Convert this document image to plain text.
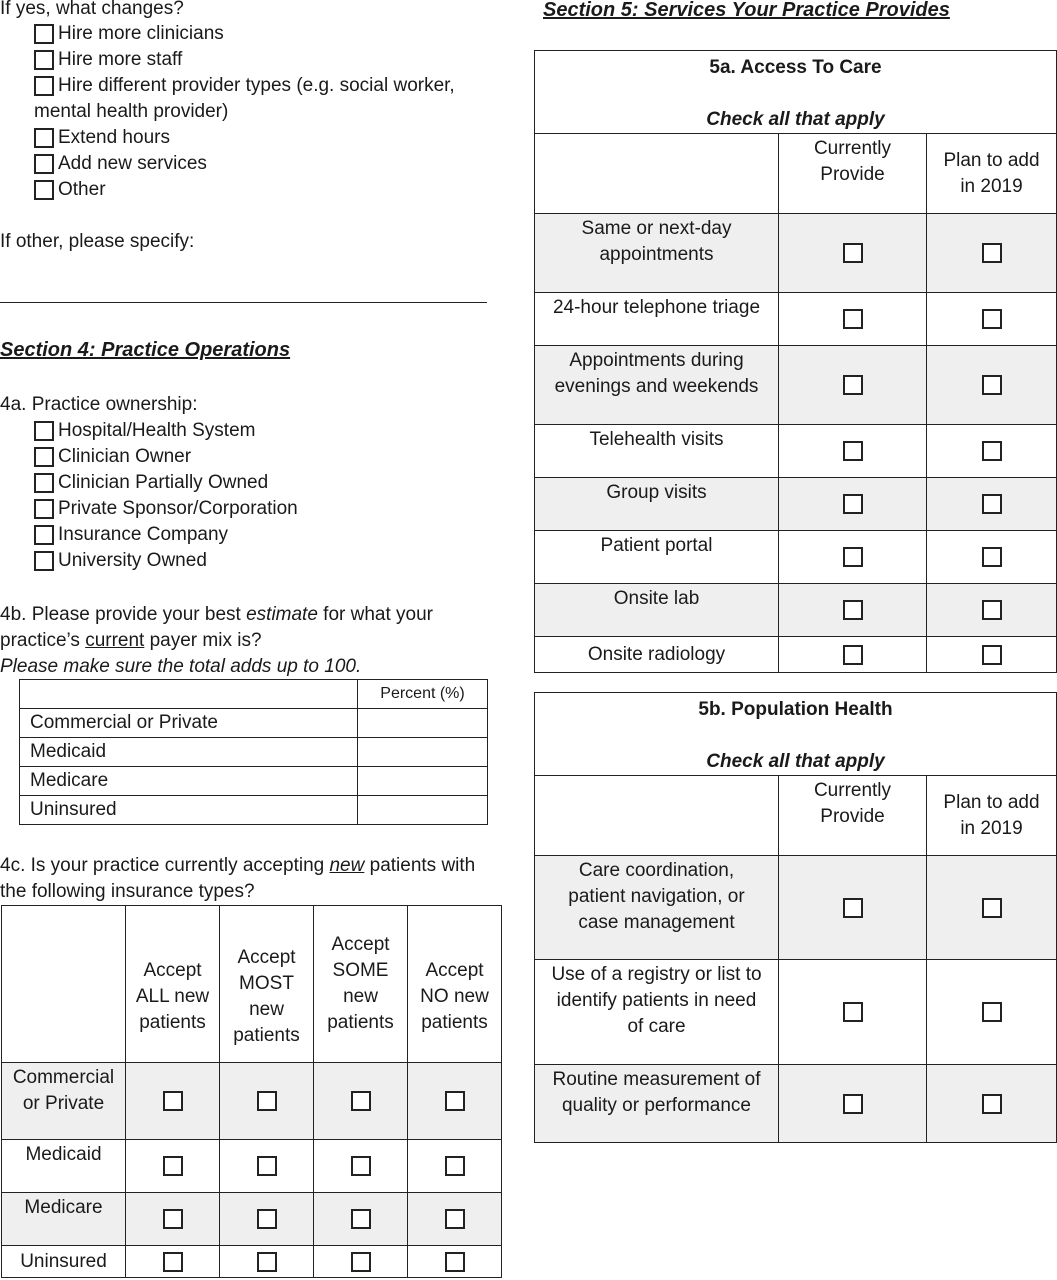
If yes, what changes?
Hire more clinicians
Hire more staff
Hire different provider types (e.g. social worker,
mental health provider)
Extend hours
Add new services
Other
If other, please specify:
Section 4: Practice Operations
4a. Practice ownership:
Hospital/Health System
Clinician Owner
Clinician Partially Owned
Private Sponsor/Corporation
Insurance Company
University Owned
4b. Please provide your best estimate for what your
practice’s current payer mix is?
Please make sure the total adds up to 100.
	Percent (%)
Commercial or Private	
Medicaid	
Medicare	
Uninsured	
4c. Is your practice currently accepting new patients with
the following insurance types?
	Accept
ALL new
patients	Accept
MOST
new
patients	Accept
SOME
new
patients	Accept
NO new
patients
Commercial
or Private	

Medicaid	

Medicare	

Uninsured	

Section 5: Services Your Practice Provides
5a. Access To Care

Check all that apply		
	Currently
Provide	Plan to add
in 2019
Same or next-day
appointments	

24-hour telephone triage	

Appointments during
evenings and weekends	

Telehealth visits	

Group visits	

Patient portal	

Onsite lab	

Onsite radiology	

5b. Population Health

Check all that apply		
	Currently
Provide	Plan to add
in 2019
Care coordination,
patient navigation, or
case management	

Use of a registry or list to
identify patients in need
of care	

Routine measurement of
quality or performance	
